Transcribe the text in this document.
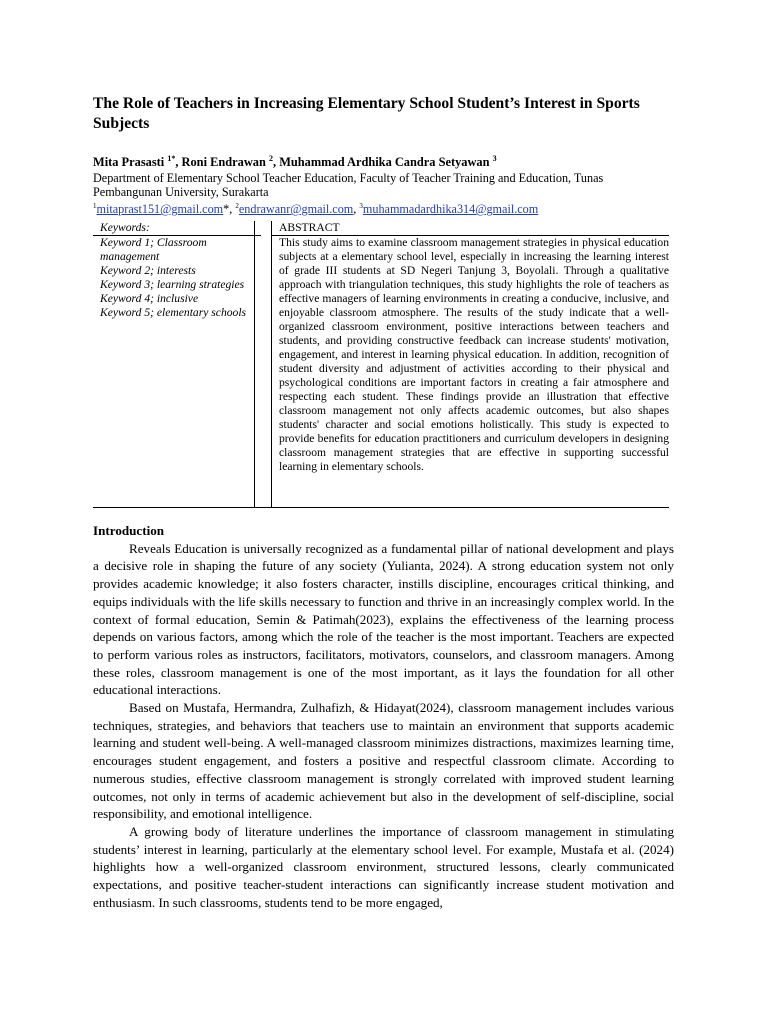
The Role of Teachers in Increasing Elementary School Student’s Interest in Sports Subjects
Mita Prasasti $^{1*}$, Roni Endrawan $^2$, Muhammad Ardhika Candra Setyawan $^3$
Department of Elementary School Teacher Education, Faculty of Teacher Training and Education, Tunas Pembangunan University, Surakarta
$^1$mitaprast151@gmail.com*, $^2$endrawanr@gmail.com, $^3$muhammadardhika314@gmail.com
Keywords:
Keyword 1; Classroom management
Keyword 2; interests
Keyword 3; learning strategies
Keyword 4; inclusive
Keyword 5; elementary schools
ABSTRACT
This study aims to examine classroom management strategies in physical education subjects at a elementary school level, especially in increasing the learning interest of grade III students at SD Negeri Tanjung 3, Boyolali. Through a qualitative approach with triangulation techniques, this study highlights the role of teachers as effective managers of learning environments in creating a conducive, inclusive, and enjoyable classroom atmosphere. The results of the study indicate that a well-organized classroom environment, positive interactions between teachers and students, and providing constructive feedback can increase students' motivation, engagement, and interest in learning physical education. In addition, recognition of student diversity and adjustment of activities according to their physical and psychological conditions are important factors in creating a fair atmosphere and respecting each student. These findings provide an illustration that effective classroom management not only affects academic outcomes, but also shapes students' character and social emotions holistically. This study is expected to provide benefits for education practitioners and curriculum developers in designing classroom management strategies that are effective in supporting successful learning in elementary schools.
Introduction

Reveals Education is universally recognized as a fundamental pillar of national development and plays a decisive role in shaping the future of any society (Yulianta, 2024). A strong education system not only provides academic knowledge; it also fosters character, instills discipline, encourages critical thinking, and equips individuals with the life skills necessary to function and thrive in an increasingly complex world. In the context of formal education, Semin & Patimah(2023), explains the effectiveness of the learning process depends on various factors, among which the role of the teacher is the most important. Teachers are expected to perform various roles as instructors, facilitators, motivators, counselors, and classroom managers. Among these roles, classroom management is one of the most important, as it lays the foundation for all other educational interactions.

Based on Mustafa, Hermandra, Zulhafizh, & Hidayat(2024), classroom management includes various techniques, strategies, and behaviors that teachers use to maintain an environment that supports academic learning and student well-being. A well-managed classroom minimizes distractions, maximizes learning time, encourages student engagement, and fosters a positive and respectful classroom climate. According to numerous studies, effective classroom management is strongly correlated with improved student learning outcomes, not only in terms of academic achievement but also in the development of self-discipline, social responsibility, and emotional intelligence.

A growing body of literature underlines the importance of classroom management in stimulating students’ interest in learning, particularly at the elementary school level. For example, Mustafa et al. (2024) highlights how a well-organized classroom environment, structured lessons, clearly communicated expectations, and positive teacher-student interactions can significantly increase student motivation and enthusiasm. In such classrooms, students tend to be more engaged,
